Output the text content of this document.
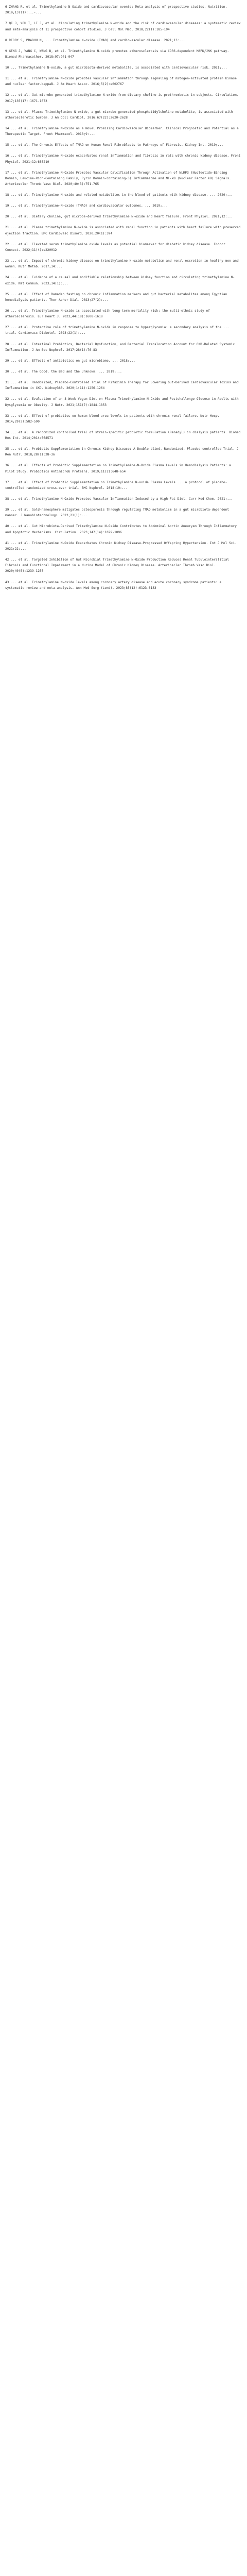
6 ZHANG R, et al. Trimethylamine N-Oxide and cardiovascular events: Meta-analysis of prospective studies. Nutrition. 2019;13(11):...-...

7 QI J, YOU T, LI J, et al. Circulating trimethylamine N-oxide and the risk of cardiovascular diseases: a systematic review and meta-analysis of 11 prospective cohort studies. J Cell Mol Med. 2018;22(1):185-194

8 REDDY S, PRABHU N, ... Trimethylamine N-oxide (TMAO) and cardiovascular disease. 2021;13:...

9 GENG J, YANG C, WANG B, et al. Trimethylamine N-oxide promotes atherosclerosis via CD36-dependent MAPK/JNK pathway. Biomed Pharmacother. 2018;97:941-947

10 ... Trimethylamine N-oxide, a gut microbiota-derived metabolite, is associated with cardiovascular risk. 2021;...

11 ... et al. Trimethylamine N-oxide promotes vascular inflammation through signaling of mitogen-activated protein kinase and nuclear factor-kappaB. J Am Heart Assoc. 2016;5(2):e002767

12 ... et al. Gut microbe-generated trimethylamine N-oxide from dietary choline is prothrombotic in subjects. Circulation. 2017;135(17):1671-1673

13 ... et al. Plasma Trimethylamine N-oxide, a gut microbe-generated phosphatidylcholine metabolite, is associated with atherosclerotic burden. J Am Coll Cardiol. 2016;67(22):2620-2628

14 ... et al. Trimethylamine N-Oxide as a Novel Promising Cardiovascular Biomarker. Clinical Prognostic and Potential as a Therapeutic Target. Front Pharmacol. 2018;9:...

15 ... et al. The Chronic Effects of TMAO on Human Renal Fibroblasts to Pathways of Fibrosis. Kidney Int. 2019;...

16 ... et al. Trimethylamine N-oxide exacerbates renal inflammation and fibrosis in rats with chronic kidney disease. Front Physiol. 2021;12:686210

17 ... et al. Trimethylamine N-Oxide Promotes Vascular Calcification Through Activation of NLRP3 (Nucleotide-Binding Domain, Leucine-Rich-Containing Family, Pyrin Domain-Containing-3) Inflammasome and NF-kB (Nuclear Factor kB) Signals. Arterioscler Thromb Vasc Biol. 2020;40(3):751-765

18 ... et al. Trimethylamine N-oxide and related metabolites in the blood of patients with kidney disease. ... 2020;...

19 ... et al. Trimethylamine-N-oxide (TMAO) and cardiovascular outcomes. ... 2019;...

20 ... et al. Dietary choline, gut microbe-derived trimethylamine N-oxide and heart failure. Front Physiol. 2021;12:...

21 ... et al. Plasma trimethylamine N-oxide is associated with renal function in patients with heart failure with preserved ejection fraction. BMC Cardiovasc Disord. 2020;20(1):394

22 ... et al. Elevated serum trimethylamine oxide levels as potential biomarker for diabetic kidney disease. Endocr Connect. 2022;11(4):e220012

23 ... et al. Impact of chronic kidney disease on trimethylamine N-oxide metabolism and renal excretion in healthy men and women. Nutr Metab. 2017;14:...

24 ... et al. Evidence of a causal and modifiable relationship between kidney function and circulating trimethylamine N-oxide. Nat Commun. 2023;14(1):...

25 ... et al. Effect of Ramadan fasting on chronic inflammation markers and gut bacterial metabolites among Egyptian hemodialysis patients. Ther Apher Dial. 2023;27(2):...

26 ... et al. Trimethylamine N-oxide is associated with long-term mortality risk: the multi-ethnic study of atherosclerosis. Eur Heart J. 2023;44(18):1608-1618

27 ... et al. Protective role of trimethylamine N-oxide in response to hyperglycemia: a secondary analysis of the ... trial. Cardiovasc Diabetol. 2023;22(1):...

28 ... et al. Intestinal Prebiotics, Bacterial Dysfunction, and Bacterial Translocation Account for CKD-Related Systemic Inflammation. J Am Soc Nephrol. 2017;28(1):76-83

29 ... et al. Effects of antibiotics on gut microbiome. ... 2018;...

30 ... et al. The Good, the Bad and the Unknown. ... 2019;...

31 ... et al. Randomized, Placebo-Controlled Trial of Rifaximin Therapy for Lowering Gut-Derived Cardiovascular Toxins and Inflammation in CKD. Kidney360. 2020;1(11):1256-1264

32 ... et al. Evaluation of an 8-Week Vegan Diet on Plasma Trimethylamine-N-Oxide and Postchallenge Glucose in Adults with Dysglycemia or Obesity. J Nutr. 2021;151(7):1844-1853

33 ... et al. Effect of probiotics on human blood urea levels in patients with chronic renal failure. Nutr Hosp. 2014;29(3):582-590

34 ... et al. A randomized controlled trial of strain-specific probiotic formulation (Renadyl) in dialysis patients. Biomed Res Int. 2014;2014:568571

35 ... et al. Probiotic Supplementation in Chronic Kidney Disease: A Double-blind, Randomized, Placebo-controlled Trial. J Ren Nutr. 2018;28(1):28-36

36 ... et al. Effects of Probiotic Supplementation on Trimethylamine-N-Oxide Plasma Levels in Hemodialysis Patients: a Pilot Study. Probiotics Antimicrob Proteins. 2019;11(2):648-654

37 ... et al. Effect of Probiotic Supplementation on Trimethylamine N-oxide Plasma Levels ... a protocol of placebo-controlled randomized cross-over trial. BMC Nephrol. 2018;19:...

38 ... et al. Trimethylamine N-Oxide Promotes Vascular Inflammation Induced by a High-Fat Diet. Curr Med Chem. 2021;...

39 ... et al. Gold-nanosphere mitigates osteoporosis through regulating TMAO metabolism in a gut microbiota-dependent manner. J Nanobiotechnology. 2023;21(1):...

40 ... et al. Gut Microbiota-Derived Trimethylamine N-Oxide Contributes to Abdominal Aortic Aneurysm Through Inflammatory and Apoptotic Mechanisms. Circulation. 2023;147(14):1079-1096

41 ... et al. Trimethylamine N-Oxide Exacerbates Chronic Kidney Disease-Progressed Offspring Hypertension. Int J Mol Sci. 2021;22:...

42 ... et al. Targeted Inhibition of Gut Microbial Trimethylamine N-Oxide Production Reduces Renal Tubulointerstitial Fibrosis and Functional Impairment in a Murine Model of Chronic Kidney Disease. Arterioscler Thromb Vasc Biol. 2020;40(5):1239-1255

43 ... et al. Trimethylamine N-oxide levels among coronary artery disease and acute coronary syndrome patients: a systematic review and meta-analysis. Ann Med Surg (Lond). 2023;85(12):6123-6133
